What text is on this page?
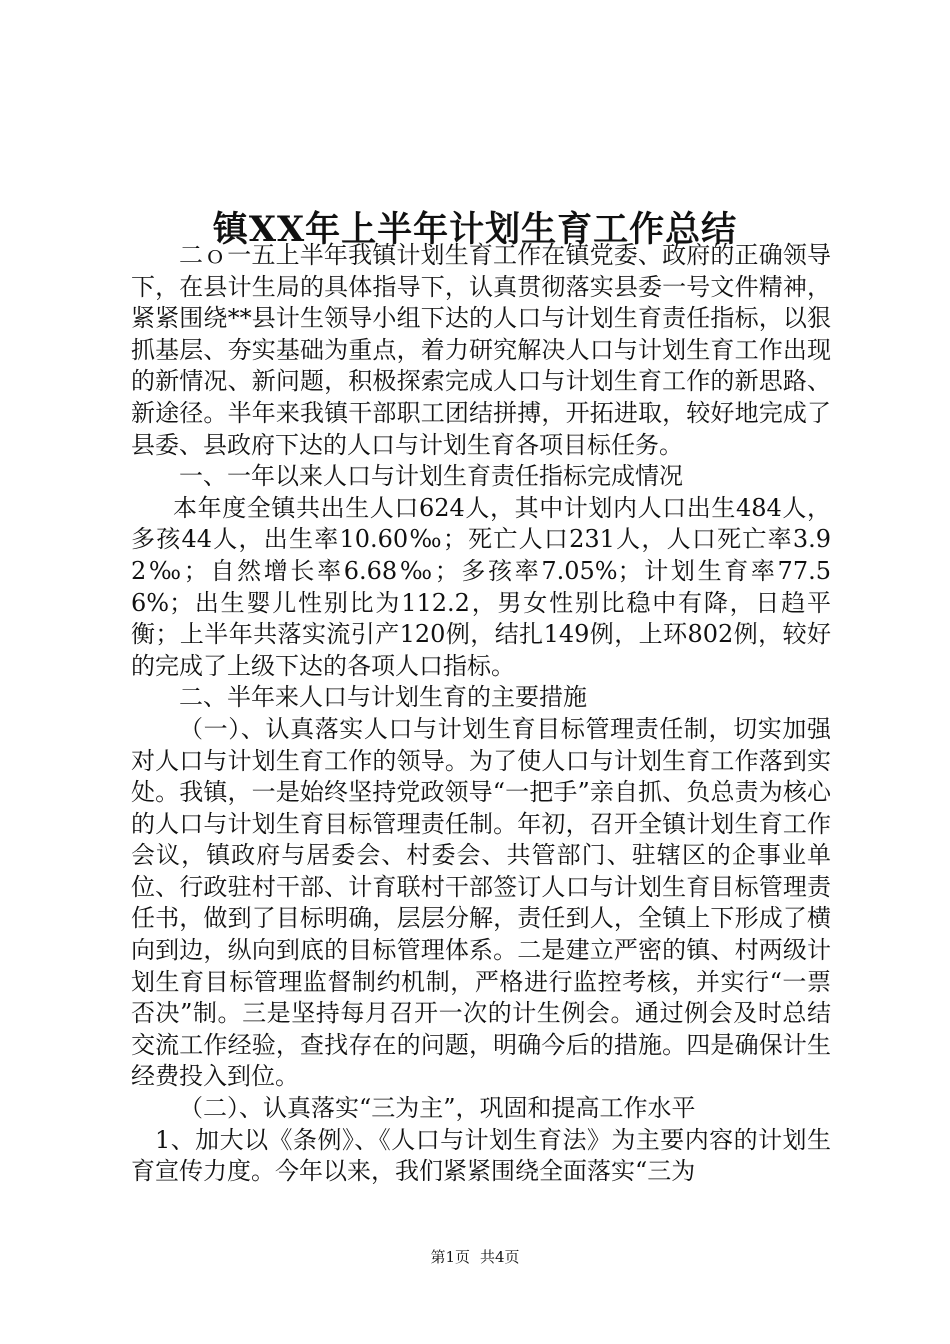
镇XX年上半年计划生育工作总结

二ｏ一五上半年我镇计划生育工作在镇党委、政府的正确领导下，在县计生局的具体指导下，认真贯彻落实县委一号文件精神，紧紧围绕**县计生领导小组下达的人口与计划生育责任指标，以狠抓基层、夯实基础为重点，着力研究解决人口与计划生育工作出现的新情况、新问题，积极探索完成人口与计划生育工作的新思路、新途径。半年来我镇干部职工团结拼搏，开拓进取，较好地完成了县委、县政府下达的人口与计划生育各项目标任务。

一、一年以来人口与计划生育责任指标完成情况

本年度全镇共出生人口624人，其中计划内人口出生484人，多孩44人，出生率10.60‰；死亡人口231人，人口死亡率3.92‰；自然增长率6.68‰；多孩率7.05%；计划生育率77.56%；出生婴儿性别比为112.2，男女性别比稳中有降，日趋平衡；上半年共落实流引产120例，结扎149例，上环802例，较好的完成了上级下达的各项人口指标。

二、半年来人口与计划生育的主要措施

（一）、认真落实人口与计划生育目标管理责任制，切实加强对人口与计划生育工作的领导。为了使人口与计划生育工作落到实处。我镇，一是始终坚持党政领导“一把手”亲自抓、负总责为核心的人口与计划生育目标管理责任制。年初，召开全镇计划生育工作会议，镇政府与居委会、村委会、共管部门、驻辖区的企事业单位、行政驻村干部、计育联村干部签订人口与计划生育目标管理责任书，做到了目标明确，层层分解，责任到人，全镇上下形成了横向到边，纵向到底的目标管理体系。二是建立严密的镇、村两级计划生育目标管理监督制约机制，严格进行监控考核，并实行“一票否决”制。三是坚持每月召开一次的计生例会。通过例会及时总结交流工作经验，查找存在的问题，明确今后的措施。四是确保计生经费投入到位。

（二）、认真落实“三为主”，巩固和提高工作水平

1、加大以《条例》、《人口与计划生育法》为主要内容的计划生育宣传力度。今年以来，我们紧紧围绕全面落实“三为

第1页 共4页
